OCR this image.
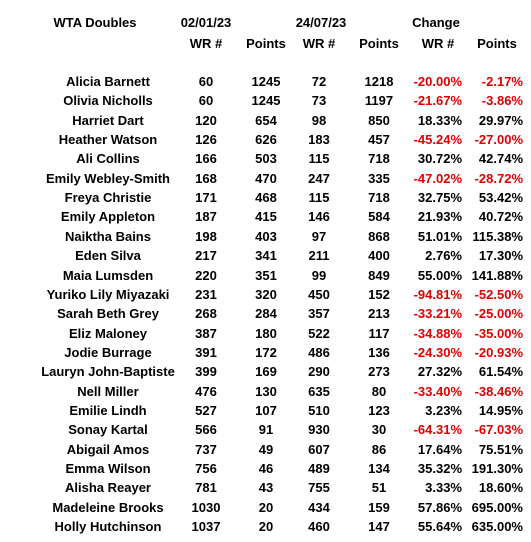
WTA Doubles	02/01/23	24/07/23	Change
WR #	Points	WR #	Points	WR #	Points
Alicia Barnett	60	1245	72	1218	-20.00%	-2.17%
Olivia Nicholls	60	1245	73	1197	-21.67%	-3.86%
Harriet Dart	120	654	98	850	18.33%	29.97%
Heather Watson	126	626	183	457	-45.24% -27.00%
Ali Collins	166	503	115	718	30.72%	42.74%
Emily Webley-Smith	168	470	247	335	-47.02% -28.72%
Freya Christie	171	468	115	718	32.75%	53.42%
Emily Appleton	187	415	146	584	21.93%	40.72%
Naiktha Bains	198	403	97	868	51.01% 115.38%
Eden Silva	217	341	211	400	2.76%	17.30%
Maia Lumsden	220	351	99	849	55.00% 141.88%
Yuriko Lily Miyazaki	231	320	450	152	-94.81% -52.50%
Sarah Beth Grey	268	284	357	213	-33.21% -25.00%
Eliz Maloney	387	180	522	117	-34.88% -35.00%
Jodie Burrage	391	172	486	136	-24.30% -20.93%
Lauryn John-Baptiste	399	169	290	273	27.32%	61.54%
Nell Miller	476	130	635	80	-33.40% -38.46%
Emilie Lindh	527	107	510	123	3.23%	14.95%
Sonay Kartal	566	91	930	30	-64.31% -67.03%
Abigail Amos	737	49	607	86	17.64%	75.51%
Emma Wilson	756	46	489	134	35.32% 191.30%
Alisha Reayer	781	43	755	51	3.33%	18.60%
Madeleine Brooks	1030	20	434	159	57.86% 695.00%
Holly Hutchinson	1037	20	460	147	55.64% 635.00%
